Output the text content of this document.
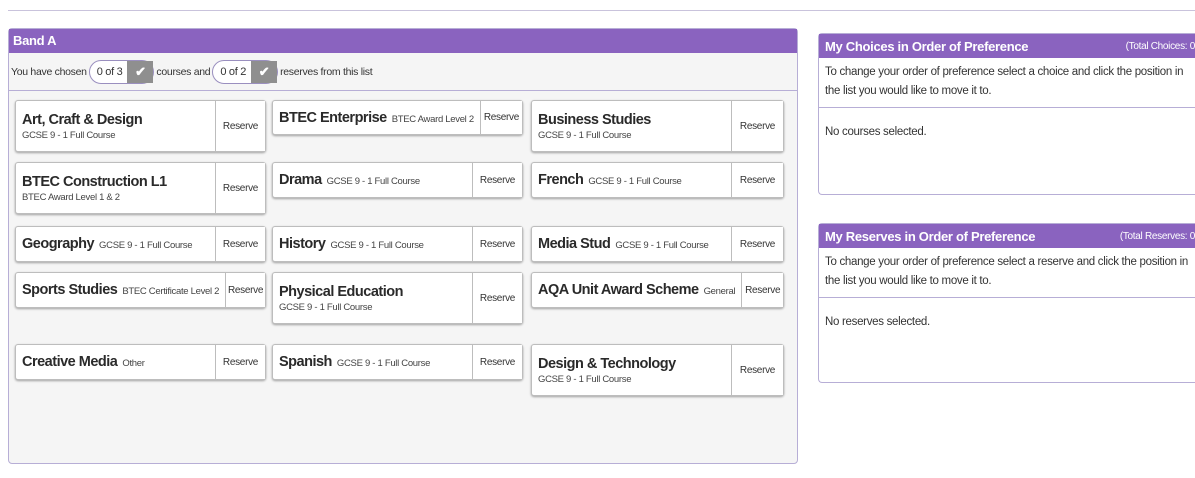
Band A
You have chosen 0 of 3 ✔	courses and 0 of 2 ✔	reserves from this list
Art, Craft & Design
GCSE 9 - 1 Full Course
Reserve
BTEC Enterprise BTEC Award Level 2	Reserve Business Studies
GCSE 9 - 1 Full Course
Reserve
BTEC Construction L1
BTEC Award Level 1 & 2
Reserve	Drama GCSE 9 - 1 Full Course	Reserve	French GCSE 9 - 1 Full Course	Reserve
Geography GCSE 9 - 1 Full Course	Reserve	History GCSE 9 - 1 Full Course	Reserve	Media Stud GCSE 9 - 1 Full Course	Reserve
Sports Studies BTEC Certificate Level 2 Reserve Physical Education
GCSE 9 - 1 Full Course
Reserve	AQA Unit Award Scheme General Reserve
Creative Media Other	Reserve	Spanish GCSE 9 - 1 Full Course	Reserve	Design & Technology
GCSE 9 - 1 Full Course
Reserve
My Choices in Order of Preference	(Total Choices: 0
To change your order of preference select a choice and click the position in the list you would like to move it to.
No courses selected.
My Reserves in Order of Preference	(Total Reserves: 0
To change your order of preference select a reserve and click the position in the list you would like to move it to.
No reserves selected.
